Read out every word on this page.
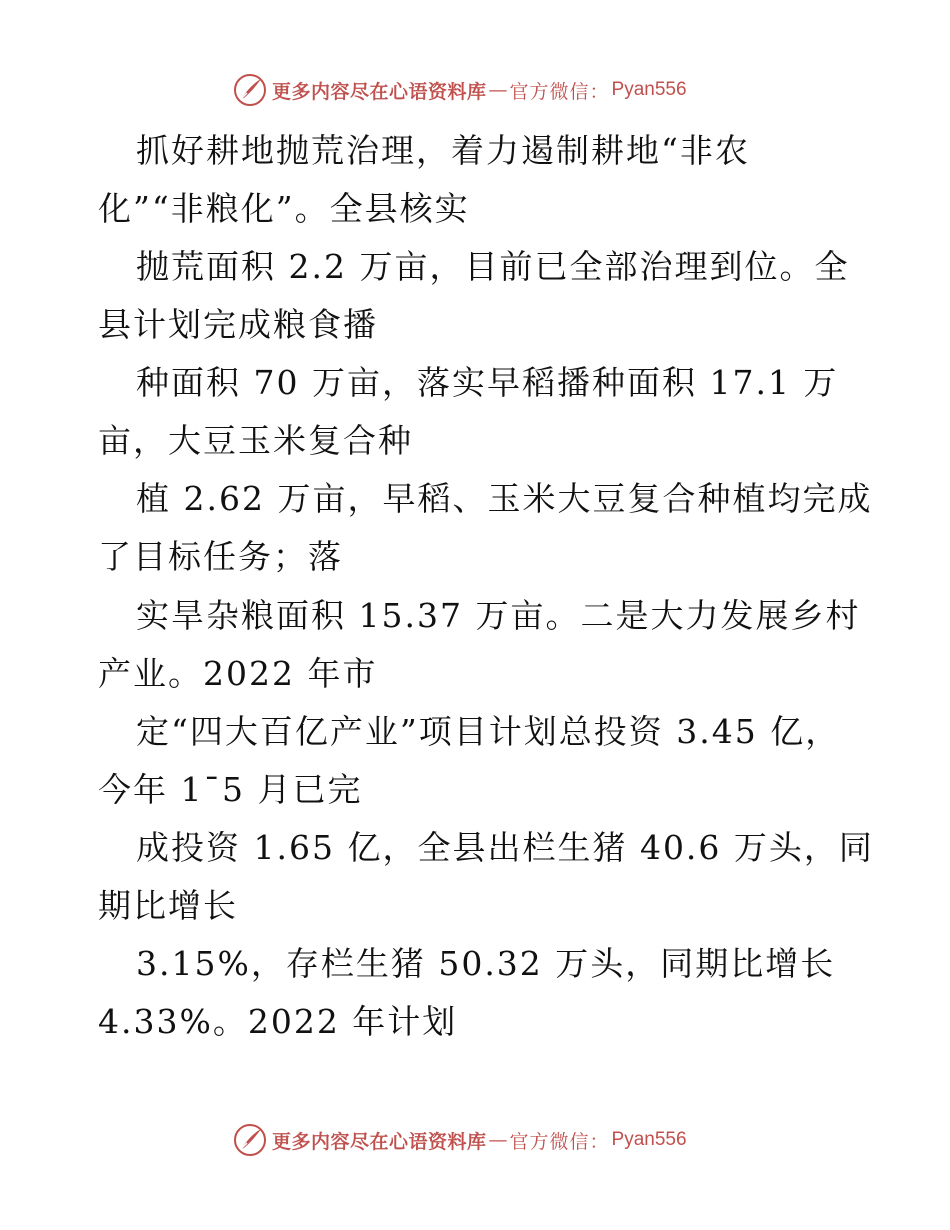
更多内容尽在心语资料库 — 官方微信： Pyan556
抓好耕地抛荒治理，着力遏制耕地“非农
化”“非粮化”。全县核实
抛荒面积 2.2 万亩，目前已全部治理到位。全
县计划完成粮食播
种面积 70 万亩，落实早稻播种面积 17.1 万
亩，大豆玉米复合种
植 2.62 万亩，早稻、玉米大豆复合种植均完成
了目标任务；落
实旱杂粮面积 15.37 万亩。二是大力发展乡村
产业。2022 年市
定“四大百亿产业”项目计划总投资 3.45 亿，
今年 1¯5 月已完
成投资 1.65 亿，全县出栏生猪 40.6 万头，同
期比增长
3.15%，存栏生猪 50.32 万头，同期比增长
4.33%。2022 年计划
更多内容尽在心语资料库 — 官方微信： Pyan556
